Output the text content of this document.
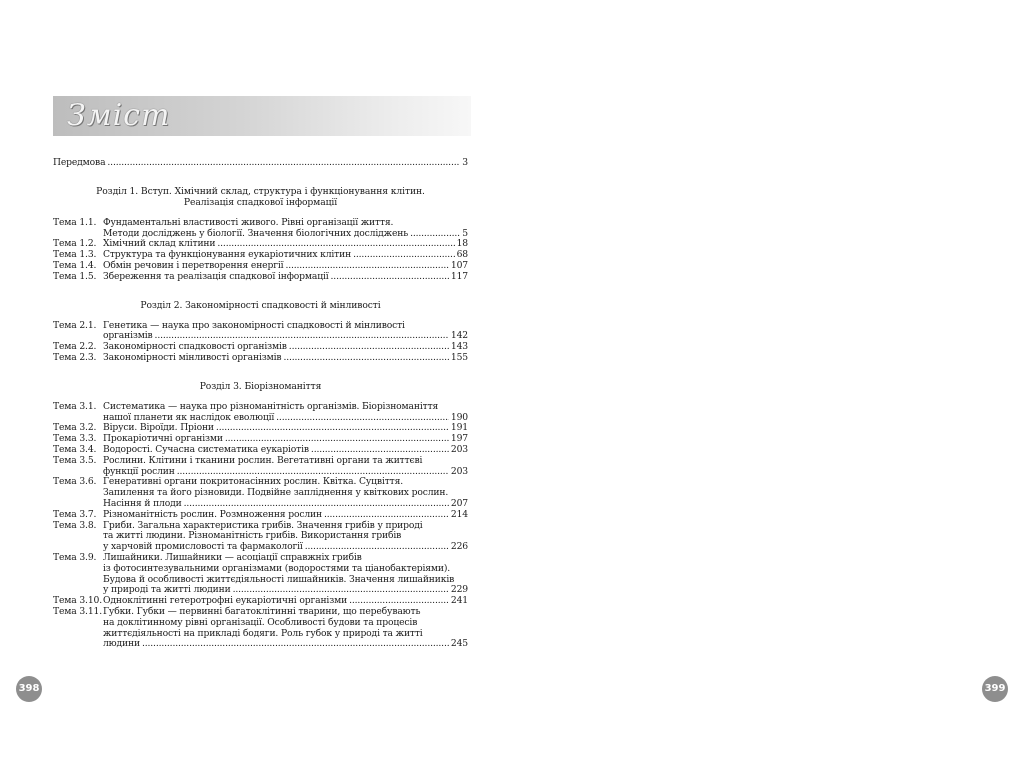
Зміст
Передмова .....	3
Розділ 1. Вступ. Хімічний склад, структура і функціонування клітин.
Реалізація спадкової інформації
Тема 1.1. Фундаментальні властивості живого. Рівні організації життя.
Методи досліджень у біології. Значення біологічних досліджень .....	5
Тема 1.2. Хімічний склад клітини .....	18
Тема 1.3. Структура та функціонування еукаріотичних клітин .....	68
Тема 1.4. Обмін речовин і перетворення енергії .....	107
Тема 1.5. Збереження та реалізація спадкової інформації .....	117
Розділ 2. Закономірності спадковості й мінливості
Тема 2.1. Генетика — наука про закономірності спадковості й мінливості
організмів .....	142
Тема 2.2. Закономірності спадковості організмів .....	143
Тема 2.3. Закономірності мінливості організмів .....	155
Розділ 3. Біорізноманіття
Тема 3.1. Систематика — наука про різноманітність організмів. Біорізноманіття
нашої планети як наслідок еволюції .....	190
Тема 3.2. Віруси. Віроїди. Пріони .....	191
Тема 3.3. Прокаріотичні організми .....	197
Тема 3.4. Водорості. Сучасна систематика еукаріотів .....	203
Тема 3.5. Рослини. Клітини і тканини рослин. Вегетативні органи та життєві
функції рослин .....	203
Тема 3.6. Генеративні органи покритонасінних рослин. Квітка. Суцвіття.
Запилення та його різновиди. Подвійне запліднення у квіткових рослин.
Насіння й плоди .....	207
Тема 3.7. Різноманітність рослин. Розмноження рослин .....	214
Тема 3.8. Гриби. Загальна характеристика грибів. Значення грибів у природі
та житті людини. Різноманітність грибів. Використання грибів
у харчовій промисловості та фармакології .....	226
Тема 3.9. Лишайники. Лишайники — асоціації справжніх грибів
із фотосинтезувальними організмами (водоростями та ціанобактеріями).
Будова й особливості життєдіяльності лишайників. Значення лишайників
у природі та житті людини .....	229
Тема 3.10. Одноклітинні гетеротрофні еукаріотичні організми .....	241
Тема 3.11. Губки. Губки — первинні багатоклітинні тварини, що перебувають
на доклітинному рівні організації. Особливості будови та процесів
життєдіяльності на прикладі бодяги. Роль губок у природі та житті
людини .....	245
398	399
